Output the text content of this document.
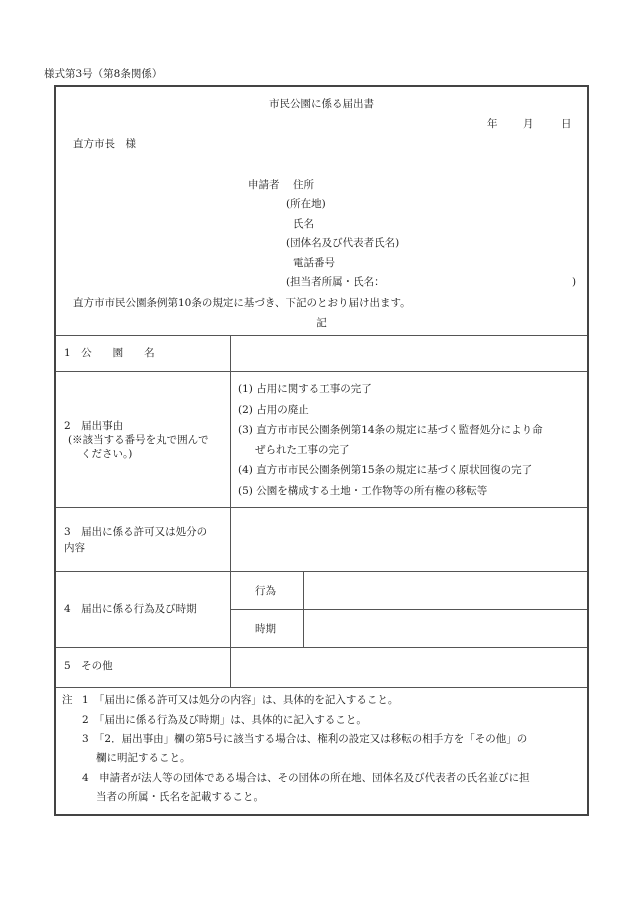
様式第3号（第8条関係）
市民公園に係る届出書
年 月	日
直方市長　様
申請者 住所
(所在地)
氏名
(団体名及び代表者氏名)
電話番号
(担当者所属・氏名：	)
直方市市民公園条例第10条の規定に基づき、下記のとおり届け出ます。
記
1　公　　園　　名
2　届出事由
(※該当する番号を丸で囲んで
ください。)
(1) 占用に関する工事の完了
(2) 占用の廃止
(3) 直方市市民公園条例第14条の規定に基づく監督処分により命
ぜられた工事の完了
(4) 直方市市民公園条例第15条の規定に基づく原状回復の完了
(5) 公園を構成する土地・工作物等の所有権の移転等
3　届出に係る許可又は処分の
内容
4　届出に係る行為及び時期
行為
時期
5　その他
注 1　「届出に係る許可又は処分の内容」は、具体的を記入すること。
2　「届出に係る行為及び時期」は、具体的に記入すること。
3　「2．届出事由」欄の第5号に該当する場合は、権利の設定又は移転の相手方を「その他」の
欄に明記すること。
4　申請者が法人等の団体である場合は、その団体の所在地、団体名及び代表者の氏名並びに担
当者の所属・氏名を記載すること。
